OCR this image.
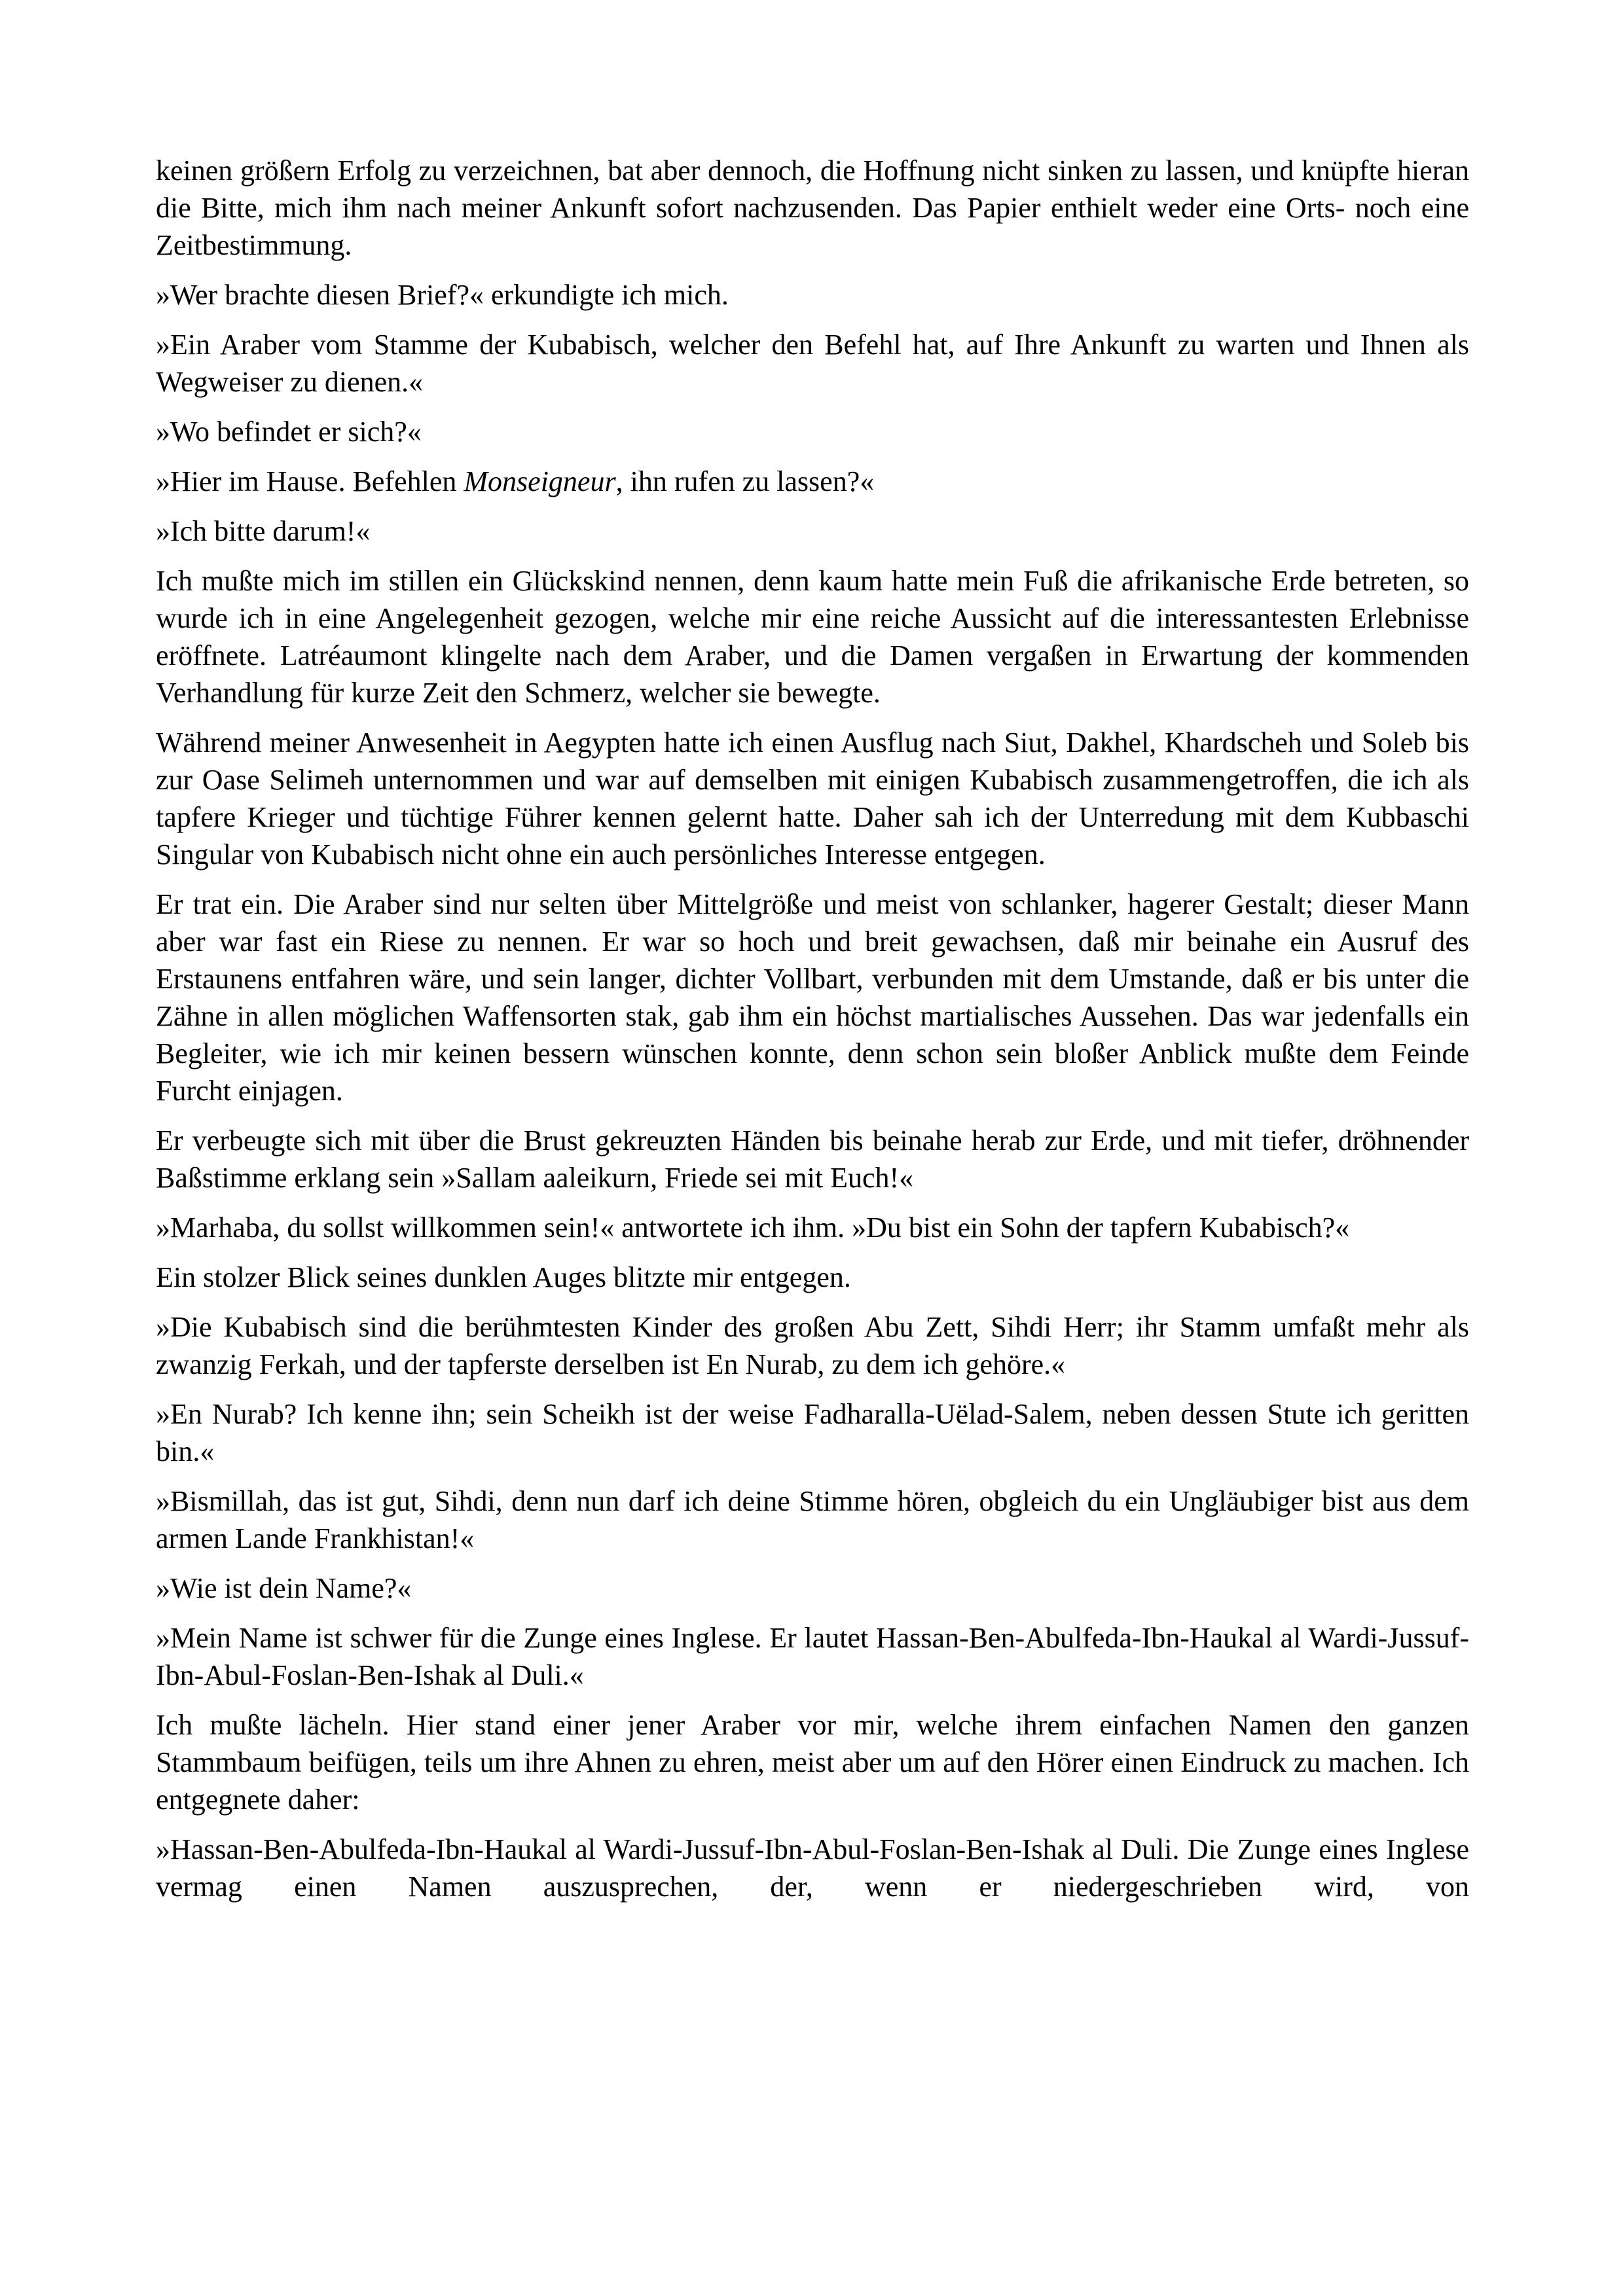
keinen größern Erfolg zu verzeichnen, bat aber dennoch, die Hoffnung nicht sinken zu lassen, und knüpfte hieran die Bitte, mich ihm nach meiner Ankunft sofort nachzusenden. Das Papier enthielt weder eine Orts- noch eine Zeitbestimmung.

»Wer brachte diesen Brief?« erkundigte ich mich.

»Ein Araber vom Stamme der Kubabisch, welcher den Befehl hat, auf Ihre Ankunft zu warten und Ihnen als Wegweiser zu dienen.«

»Wo befindet er sich?«

»Hier im Hause. Befehlen Monseigneur, ihn rufen zu lassen?«

»Ich bitte darum!«

Ich mußte mich im stillen ein Glückskind nennen, denn kaum hatte mein Fuß die afrikanische Erde betreten, so wurde ich in eine Angelegenheit gezogen, welche mir eine reiche Aussicht auf die interessantesten Erlebnisse eröffnete. Latréaumont klingelte nach dem Araber, und die Damen vergaßen in Erwartung der kommenden Verhandlung für kurze Zeit den Schmerz, welcher sie bewegte.

Während meiner Anwesenheit in Aegypten hatte ich einen Ausflug nach Siut, Dakhel, Khardscheh und Soleb bis zur Oase Selimeh unternommen und war auf demselben mit einigen Kubabisch zusammengetroffen, die ich als tapfere Krieger und tüchtige Führer kennen gelernt hatte. Daher sah ich der Unterredung mit dem Kubbaschi Singular von Kubabisch nicht ohne ein auch persönliches Interesse entgegen.

Er trat ein. Die Araber sind nur selten über Mittelgröße und meist von schlanker, hagerer Gestalt; dieser Mann aber war fast ein Riese zu nennen. Er war so hoch und breit gewachsen, daß mir beinahe ein Ausruf des Erstaunens entfahren wäre, und sein langer, dichter Vollbart, verbunden mit dem Umstande, daß er bis unter die Zähne in allen möglichen Waffensorten stak, gab ihm ein höchst martialisches Aussehen. Das war jedenfalls ein Begleiter, wie ich mir keinen bessern wünschen konnte, denn schon sein bloßer Anblick mußte dem Feinde Furcht einjagen.

Er verbeugte sich mit über die Brust gekreuzten Händen bis beinahe herab zur Erde, und mit tiefer, dröhnender Baßstimme erklang sein »Sallam aaleikurn, Friede sei mit Euch!«

»Marhaba, du sollst willkommen sein!« antwortete ich ihm. »Du bist ein Sohn der tapfern Kubabisch?«

Ein stolzer Blick seines dunklen Auges blitzte mir entgegen.

»Die Kubabisch sind die berühmtesten Kinder des großen Abu Zett, Sihdi Herr; ihr Stamm umfaßt mehr als zwanzig Ferkah, und der tapferste derselben ist En Nurab, zu dem ich gehöre.«

»En Nurab? Ich kenne ihn; sein Scheikh ist der weise Fadharalla-Uëlad-Salem, neben dessen Stute ich geritten bin.«

»Bismillah, das ist gut, Sihdi, denn nun darf ich deine Stimme hören, obgleich du ein Ungläubiger bist aus dem armen Lande Frankhistan!«

»Wie ist dein Name?«

»Mein Name ist schwer für die Zunge eines Inglese. Er lautet Hassan-Ben-Abulfeda-Ibn-Haukal al Wardi-Jussuf-Ibn-Abul-Foslan-Ben-Ishak al Duli.«

Ich mußte lächeln. Hier stand einer jener Araber vor mir, welche ihrem einfachen Namen den ganzen Stammbaum beifügen, teils um ihre Ahnen zu ehren, meist aber um auf den Hörer einen Eindruck zu machen. Ich entgegnete daher:

»Hassan-Ben-Abulfeda-Ibn-Haukal al Wardi-Jussuf-Ibn-Abul-Foslan-Ben-Ishak al Duli. Die Zunge eines Inglese vermag einen Namen auszusprechen, der, wenn er niedergeschrieben wird, von
